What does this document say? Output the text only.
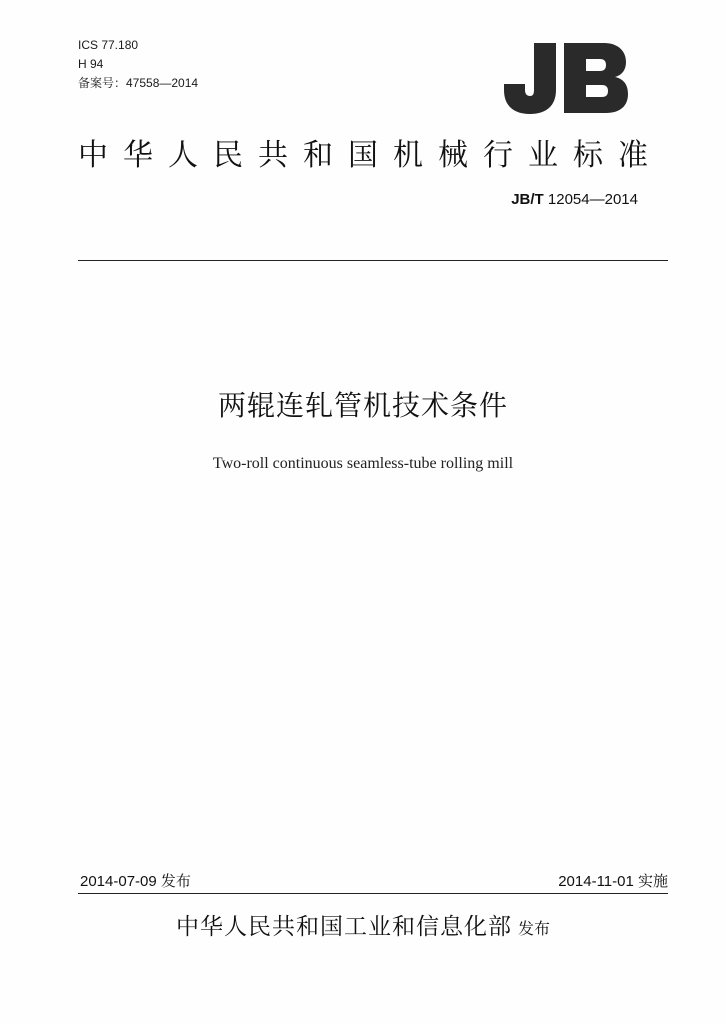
ICS 77.180
H 94
备案号：47558—2014
中华人民共和国机械行业标准
JB/T 12054—2014
两辊连轧管机技术条件
Two-roll continuous seamless-tube rolling mill
2014-07-09 发布	2014-11-01 实施
中华人民共和国工业和信息化部 发布
